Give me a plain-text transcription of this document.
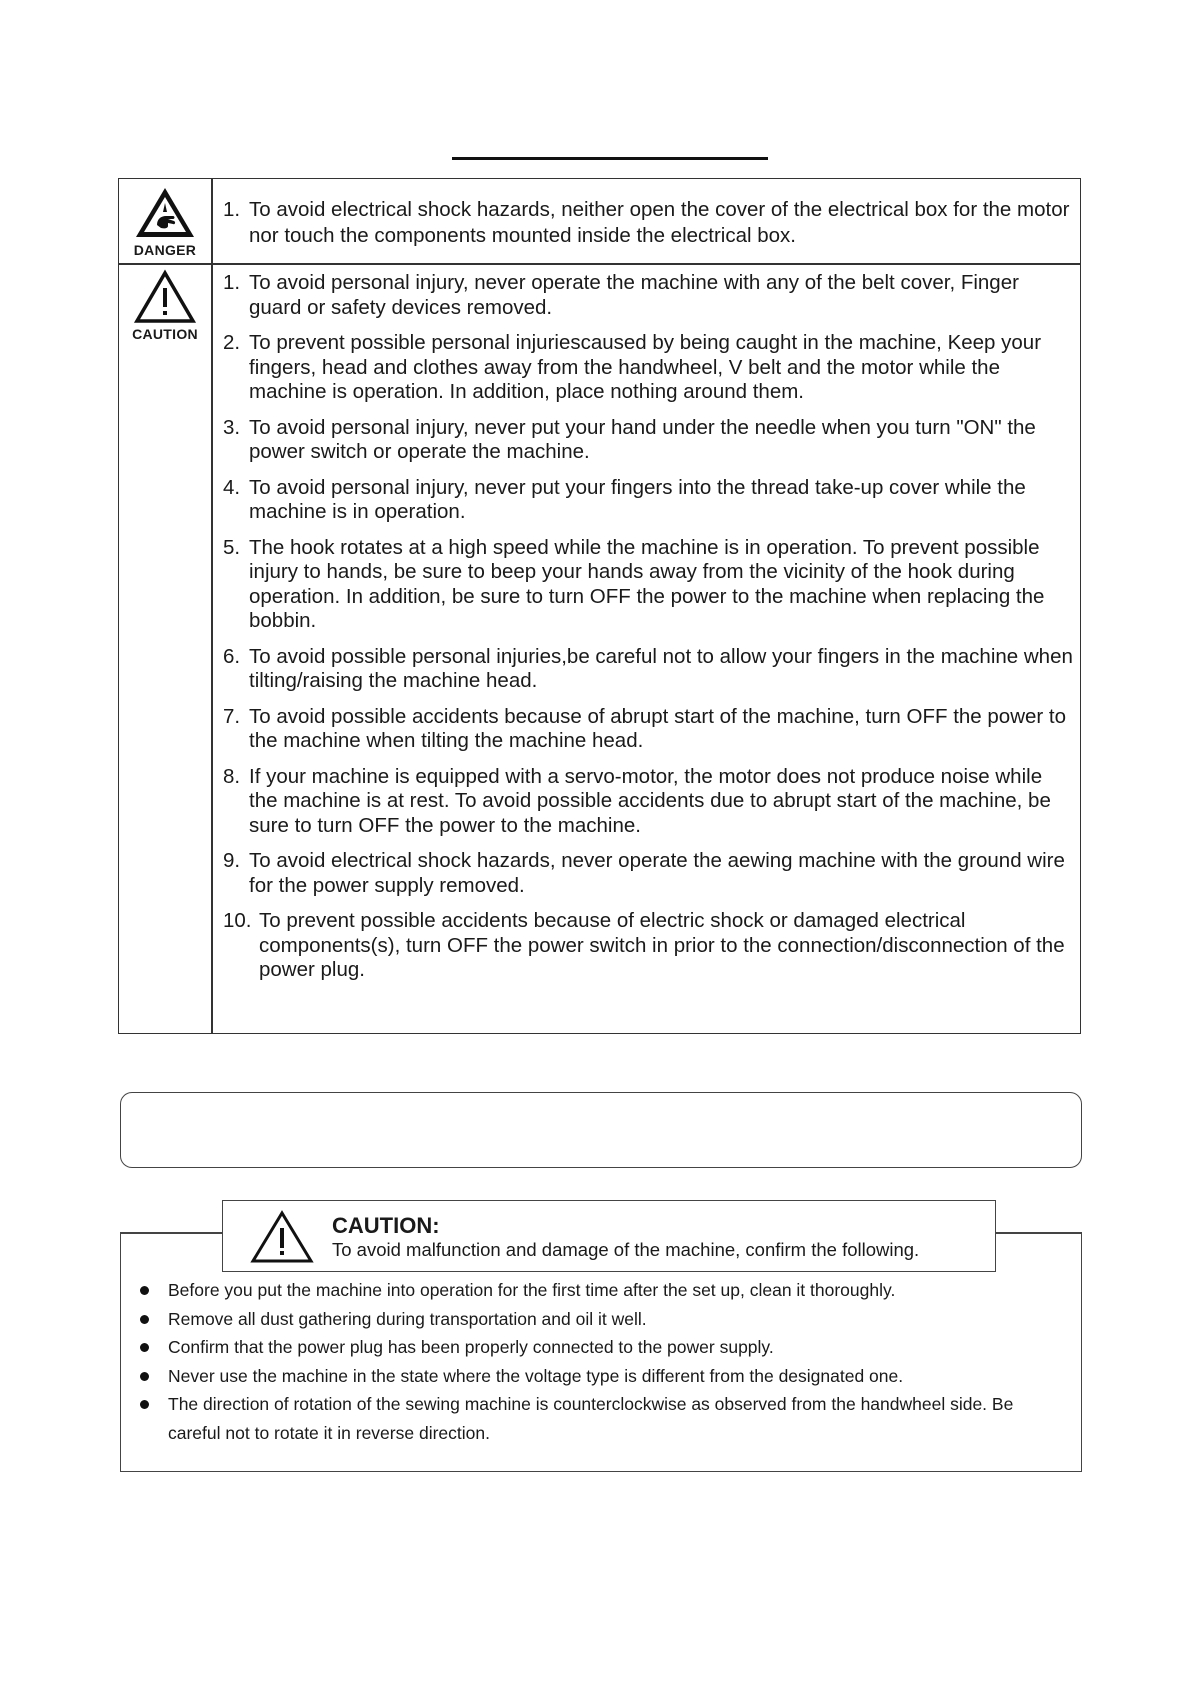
DANGER
CAUTION
1. To avoid electrical shock hazards, neither open the cover of the electrical box for the motor nor touch the components mounted inside the electrical box.
1. To avoid personal injury, never operate the machine with any of the belt cover, Finger guard or safety devices removed.
2. To prevent possible personal injuriescaused by being caught in the machine, Keep your fingers, head and clothes away from the handwheel, V belt and the motor while the machine is operation. In addition, place nothing around them.
3. To avoid personal injury, never put your hand under the needle when you turn "ON" the power switch or operate the machine.
4. To avoid personal injury, never put your fingers into the thread take-up cover while the machine is in operation.
5. The hook rotates at a high speed while the machine is in operation. To prevent possible injury to hands, be sure to beep your hands away from the vicinity of the hook during operation. In addition, be sure to turn OFF the power to the machine when replacing the bobbin.
6. To avoid possible personal injuries,be careful not to allow your fingers in the machine when tilting/raising the machine head.
7. To avoid possible accidents because of abrupt start of the machine, turn OFF the power to the machine when tilting the machine head.
8. If your machine is equipped with a servo-motor, the motor does not produce noise while the machine is at rest. To avoid possible accidents due to abrupt start of the machine, be sure to turn OFF the power to the machine.
9. To avoid electrical shock hazards, never operate the aewing machine with the ground wire for the power supply removed.
10. To prevent possible accidents because of electric shock or damaged electrical components(s), turn OFF the power switch in prior to the connection/disconnection of the power plug.
CAUTION:
To avoid malfunction and damage of the machine, confirm the following.
Before you put the machine into operation for the first time after the set up, clean it thoroughly.
Remove all dust gathering during transportation and oil it well.
Confirm that the power plug has been properly connected to the power supply.
Never use the machine in the state where the voltage type is different from the designated one.
The direction of rotation of the sewing machine is counterclockwise as observed from the handwheel side. Be careful not to rotate it in reverse direction.
